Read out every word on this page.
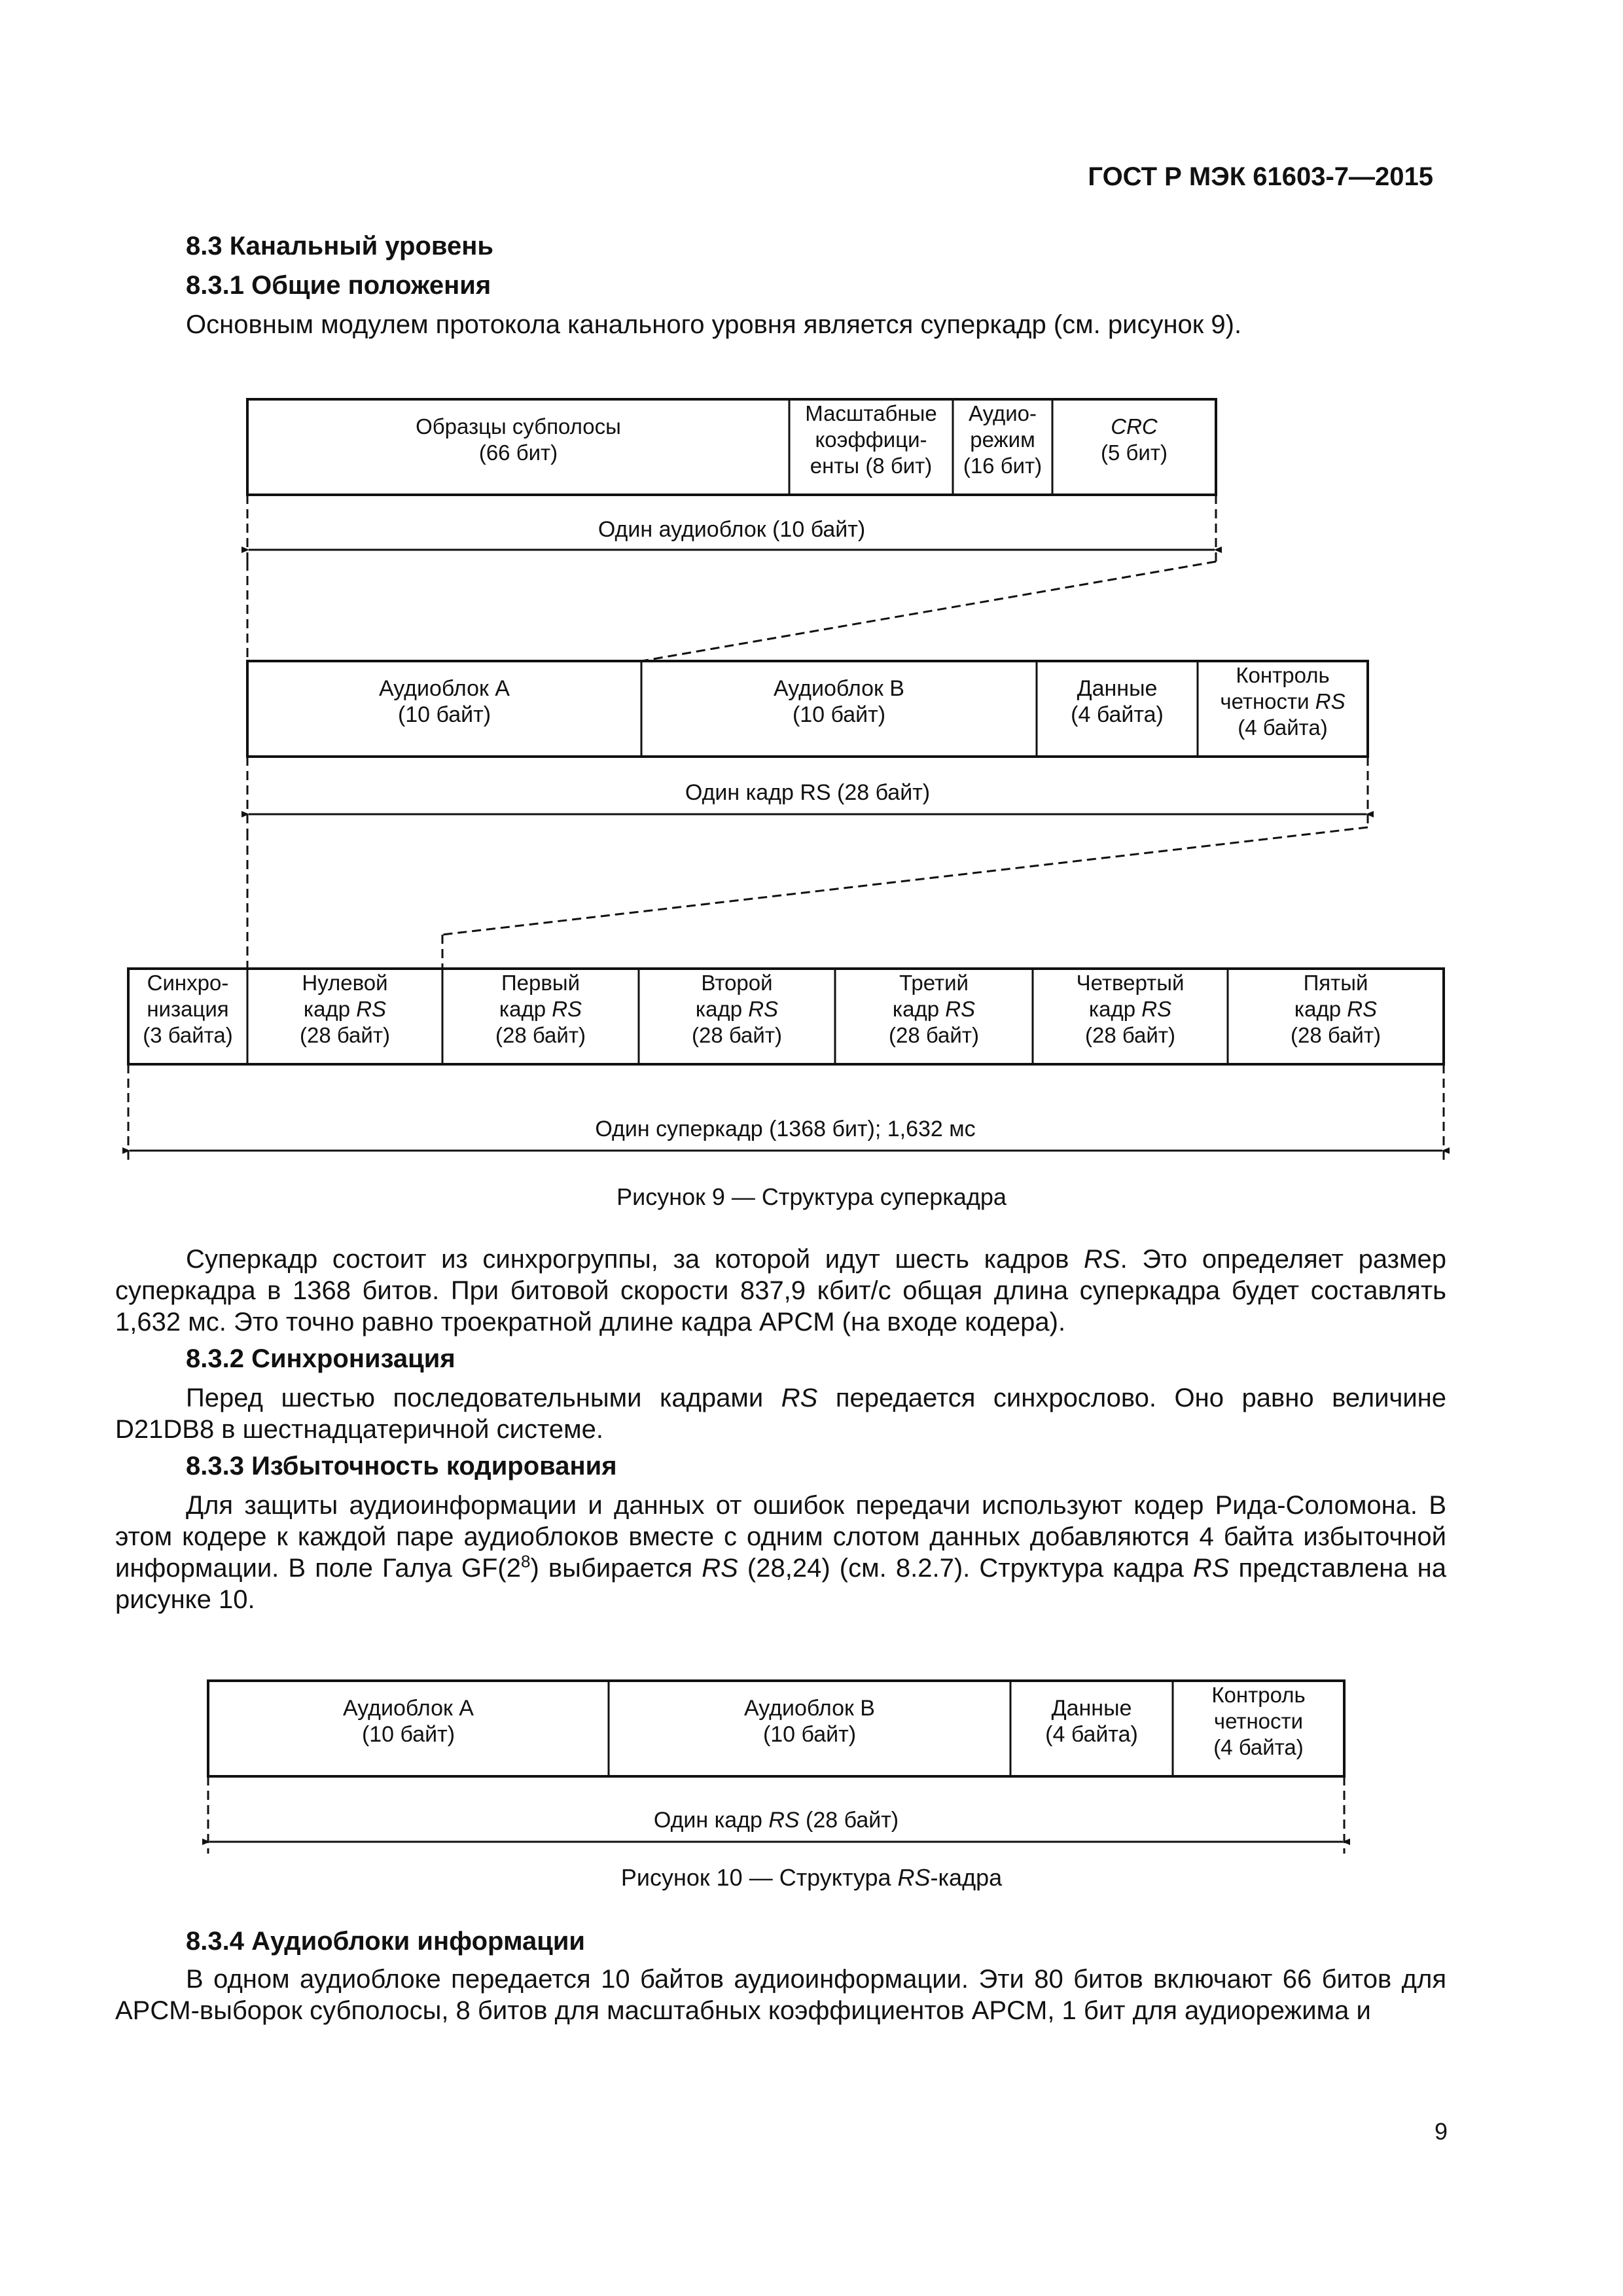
ГОСТ Р МЭК 61603-7—2015
8.3 Канальный уровень
8.3.1 Общие положения
Основным модулем протокола канального уровня является суперкадр (см. рисунок 9).
Образцы субполосы (66 бит)
Масштабные коэффици-енты (8 бит)
Аудио-режим (16 бит)
CRC (5 бит)
Один аудиоблок (10 байт)
Аудиоблок А (10 байт)
Аудиоблок В (10 байт)
Данные (4 байта)
Контроль четности RS (4 байта)
Один кадр RS (28 байт)
Синхро-низация (3 байта)
Нулевой кадр RS (28 байт)
Первый кадр RS (28 байт)
Второй кадр RS (28 байт)
Третий кадр RS (28 байт)
Четвертый кадр RS (28 байт)
Пятый кадр RS (28 байт)
Один суперкадр (1368 бит); 1,632 мс
Аудиоблок А (10 байт)
Аудиоблок В (10 байт)
Данные (4 байта)
Контроль четности (4 байта)
Один кадр RS (28 байт)
Рисунок 9 — Структура суперкадра
Суперкадр состоит из синхрогруппы, за которой идут шесть кадров RS. Это определяет размер суперкадра в 1368 битов. При битовой скорости 837,9 кбит/с общая длина суперкадра будет составлять 1,632 мс. Это точно равно троекратной длине кадра APCM (на входе кодера).
8.3.2 Синхронизация
Перед шестью последовательными кадрами RS передается синхрослово. Оно равно величине D21DB8 в шестнадцатеричной системе.
8.3.3 Избыточность кодирования
Для защиты аудиоинформации и данных от ошибок передачи используют кодер Рида-Соломона. В этом кодере к каждой паре аудиоблоков вместе с одним слотом данных добавляются 4 байта избыточной информации. В поле Галуа $GF(2^8)$ выбирается RS (28,24) (см. 8.2.7). Структура кадра RS представлена на рисунке 10.
Рисунок 10 — Структура RS-кадра
8.3.4 Аудиоблоки информации
В одном аудиоблоке передается 10 байтов аудиоинформации. Эти 80 битов включают 66 битов для APCM-выборок субполосы, 8 битов для масштабных коэффициентов APCM, 1 бит для аудиорежима и
9
